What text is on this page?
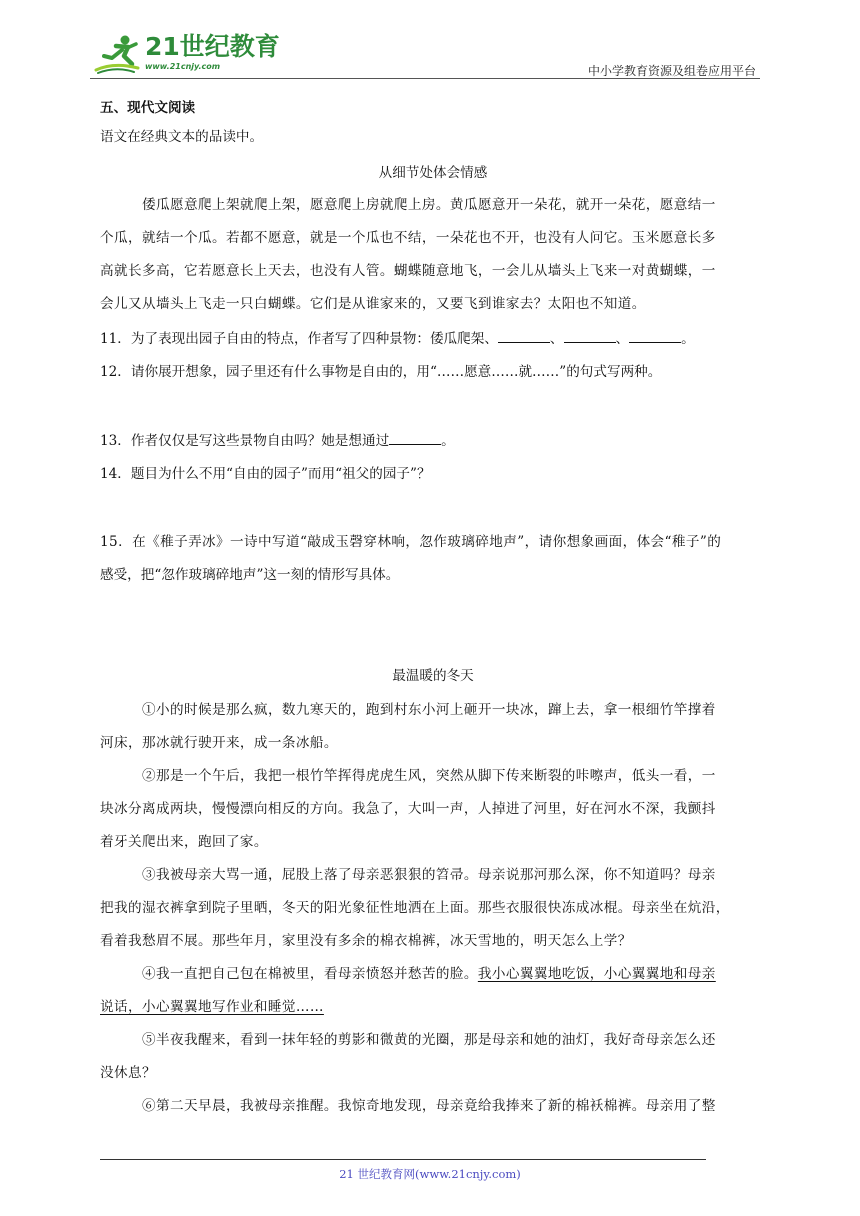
21世纪教育
www.21cnjy.com	中小学教育资源及组卷应用平台
五、现代文阅读
语文在经典文本的品读中。
从细节处体会情感
倭瓜愿意爬上架就爬上架，愿意爬上房就爬上房。黄瓜愿意开一朵花，就开一朵花，愿意结一
个瓜，就结一个瓜。若都不愿意，就是一个瓜也不结，一朵花也不开，也没有人问它。玉米愿意长多
高就长多高，它若愿意长上天去，也没有人管。蝴蝶随意地飞，一会儿从墙头上飞来一对黄蝴蝶，一
会儿又从墙头上飞走一只白蝴蝶。它们是从谁家来的，又要飞到谁家去？太阳也不知道。
11．为了表现出园子自由的特点，作者写了四种景物：倭瓜爬架、	、	、	。
12．请你展开想象，园子里还有什么事物是自由的，用“……愿意……就……”的句式写两种。
13．作者仅仅是写这些景物自由吗？她是想通过	。
14．题目为什么不用“自由的园子”而用“祖父的园子”？
15．在《稚子弄冰》一诗中写道“敲成玉磬穿林响，忽作玻璃碎地声”，请你想象画面，体会“稚子”的
感受，把“忽作玻璃碎地声”这一刻的情形写具体。
最温暖的冬天
①小的时候是那么疯，数九寒天的，跑到村东小河上砸开一块冰，蹿上去，拿一根细竹竿撑着
河床，那冰就行驶开来，成一条冰船。
②那是一个午后，我把一根竹竿挥得虎虎生风，突然从脚下传来断裂的咔嚓声，低头一看，一
块冰分离成两块，慢慢漂向相反的方向。我急了，大叫一声，人掉进了河里，好在河水不深，我颤抖
着牙关爬出来，跑回了家。
③我被母亲大骂一通，屁股上落了母亲恶狠狠的笤帚。母亲说那河那么深，你不知道吗？母亲
把我的湿衣裤拿到院子里晒，冬天的阳光象征性地洒在上面。那些衣服很快冻成冰棍。母亲坐在炕沿，
看着我愁眉不展。那些年月，家里没有多余的棉衣棉裤，冰天雪地的，明天怎么上学？
④我一直把自己包在棉被里，看母亲愤怒并愁苦的脸。我小心翼翼地吃饭，小心翼翼地和母亲
说话，小心翼翼地写作业和睡觉……
⑤半夜我醒来，看到一抹年轻的剪影和微黄的光圈，那是母亲和她的油灯，我好奇母亲怎么还
没休息？
⑥第二天早晨，我被母亲推醒。我惊奇地发现，母亲竟给我捧来了新的棉袄棉裤。母亲用了整
21 世纪教育网(www.21cnjy.com)
